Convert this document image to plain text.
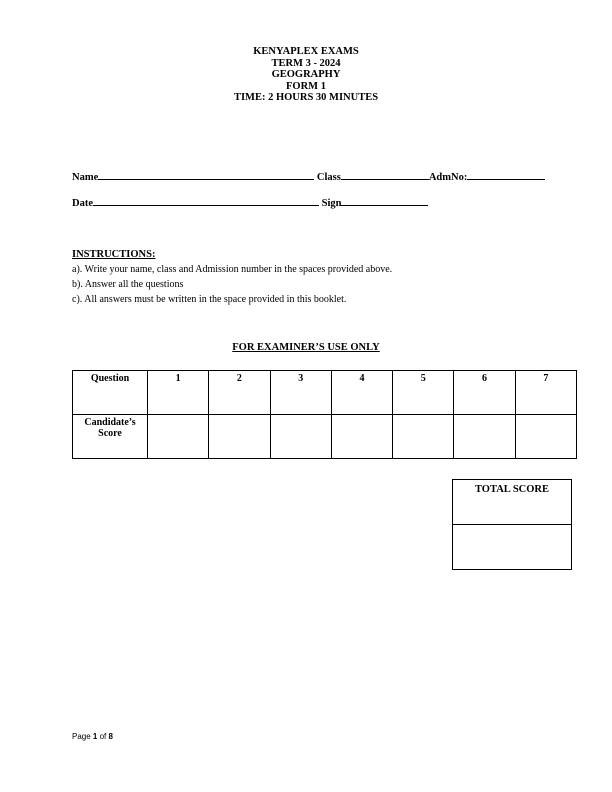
KENYAPLEX EXAMS
TERM 3 - 2024
GEOGRAPHY
FORM 1
TIME: 2 HOURS 30 MINUTES
Name	Class	AdmNo:
Date	Sign
INSTRUCTIONS:
a). Write your name, class and Admission number in the spaces provided above.
b). Answer all the questions
c). All answers must be written in the space provided in this booklet.
FOR EXAMINER’S USE ONLY
Question	1	2	3	4	5	6	7
Candidate’s Score							
TOTAL SCORE

Page 1 of 8
